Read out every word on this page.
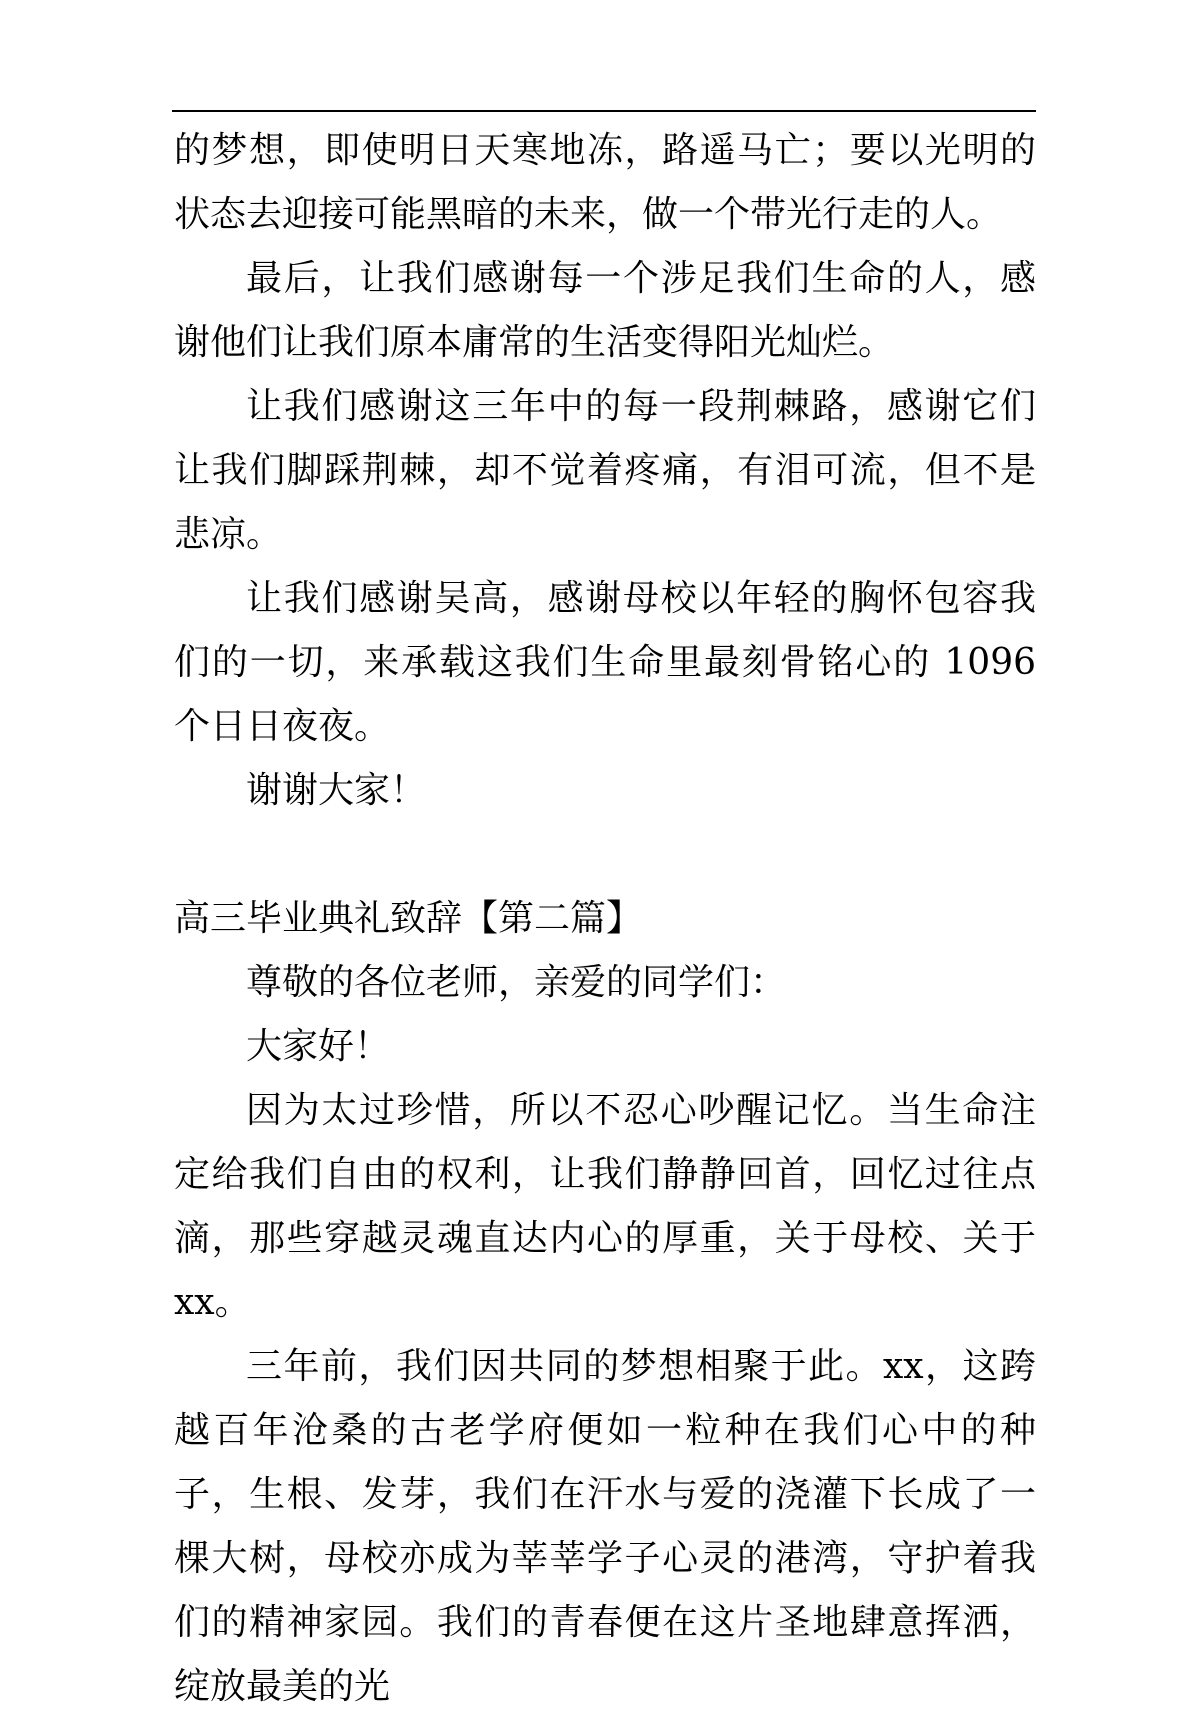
的梦想，即使明日天寒地冻，路遥马亡；要以光明的状态去迎接可能黑暗的未来，做一个带光行走的人。

最后，让我们感谢每一个涉足我们生命的人，感谢他们让我们原本庸常的生活变得阳光灿烂。

让我们感谢这三年中的每一段荆棘路，感谢它们让我们脚踩荆棘，却不觉着疼痛，有泪可流，但不是悲凉。

让我们感谢吴高，感谢母校以年轻的胸怀包容我们的一切，来承载这我们生命里最刻骨铭心的 1096 个日日夜夜。

谢谢大家！

高三毕业典礼致辞【第二篇】

尊敬的各位老师，亲爱的同学们：

大家好！

因为太过珍惜，所以不忍心吵醒记忆。当生命注定给我们自由的权利，让我们静静回首，回忆过往点滴，那些穿越灵魂直达内心的厚重，关于母校、关于 xx。

三年前，我们因共同的梦想相聚于此。xx，这跨越百年沧桑的古老学府便如一粒种在我们心中的种子，生根、发芽，我们在汗水与爱的浇灌下长成了一棵大树，母校亦成为莘莘学子心灵的港湾，守护着我们的精神家园。我们的青春便在这片圣地肆意挥洒，绽放最美的光
